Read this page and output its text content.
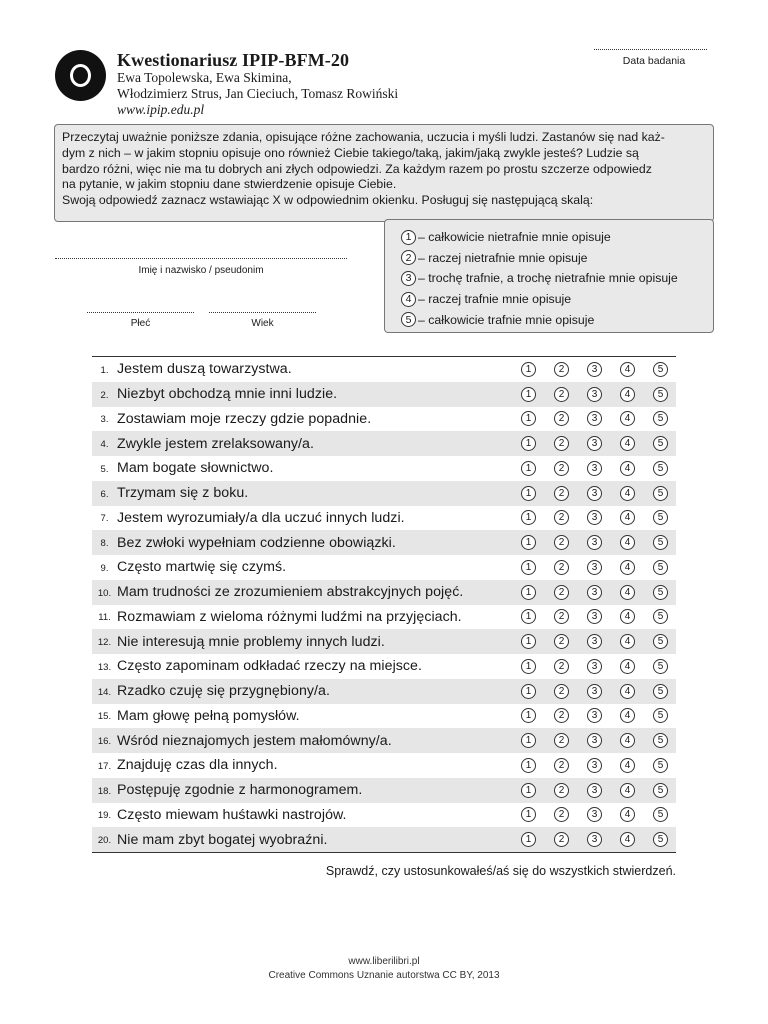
Kwestionariusz IPIP-BFM-20
Ewa Topolewska, Ewa Skimina,
Włodzimierz Strus, Jan Cieciuch, Tomasz Rowiński
www.ipip.edu.pl
Data badania
Przeczytaj uważnie poniższe zdania, opisujące różne zachowania, uczucia i myśli ludzi. Zastanów się nad każ-
dym z nich – w jakim stopniu opisuje ono również Ciebie takiego/taką, jakim/jaką zwykle jesteś? Ludzie są
bardzo różni, więc nie ma tu dobrych ani złych odpowiedzi. Za każdym razem po prostu szczerze odpowiedz
na pytanie, w jakim stopniu dane stwierdzenie opisuje Ciebie.
Swoją odpowiedź zaznacz wstawiając X w odpowiednim okienku. Posługuj się następującą skalą:
1 – całkowicie nietrafnie mnie opisuje
2 – raczej nietrafnie mnie opisuje
3 – trochę trafnie, a trochę nietrafnie mnie opisuje
4 – raczej trafnie mnie opisuje
5 – całkowicie trafnie mnie opisuje
Imię i nazwisko / pseudonim
Płeć	Wiek
1. Jestem duszą towarzystwa.	1	2	3	4	5
2. Niezbyt obchodzą mnie inni ludzie.	1	2	3	4	5
3. Zostawiam moje rzeczy gdzie popadnie.	1	2	3	4	5
4. Zwykle jestem zrelaksowany/a.	1	2	3	4	5
5. Mam bogate słownictwo.	1	2	3	4	5
6. Trzymam się z boku.	1	2	3	4	5
7. Jestem wyrozumiały/a dla uczuć innych ludzi.	1	2	3	4	5
8. Bez zwłoki wypełniam codzienne obowiązki.	1	2	3	4	5
9. Często martwię się czymś.	1	2	3	4	5
10. Mam trudności ze zrozumieniem abstrakcyjnych pojęć.	1	2	3	4	5
11. Rozmawiam z wieloma różnymi ludźmi na przyjęciach.	1	2	3	4	5
12. Nie interesują mnie problemy innych ludzi.	1	2	3	4	5
13. Często zapominam odkładać rzeczy na miejsce.	1	2	3	4	5
14. Rzadko czuję się przygnębiony/a.	1	2	3	4	5
15. Mam głowę pełną pomysłów.	1	2	3	4	5
16. Wśród nieznajomych jestem małomówny/a.	1	2	3	4	5
17. Znajduję czas dla innych.	1	2	3	4	5
18. Postępuję zgodnie z harmonogramem.	1	2	3	4	5
19. Często miewam huśtawki nastrojów.	1	2	3	4	5
20. Nie mam zbyt bogatej wyobraźni.	1	2	3	4	5
Sprawdź, czy ustosunkowałeś/aś się do wszystkich stwierdzeń.
www.liberilibri.pl
Creative Commons Uznanie autorstwa CC BY, 2013
